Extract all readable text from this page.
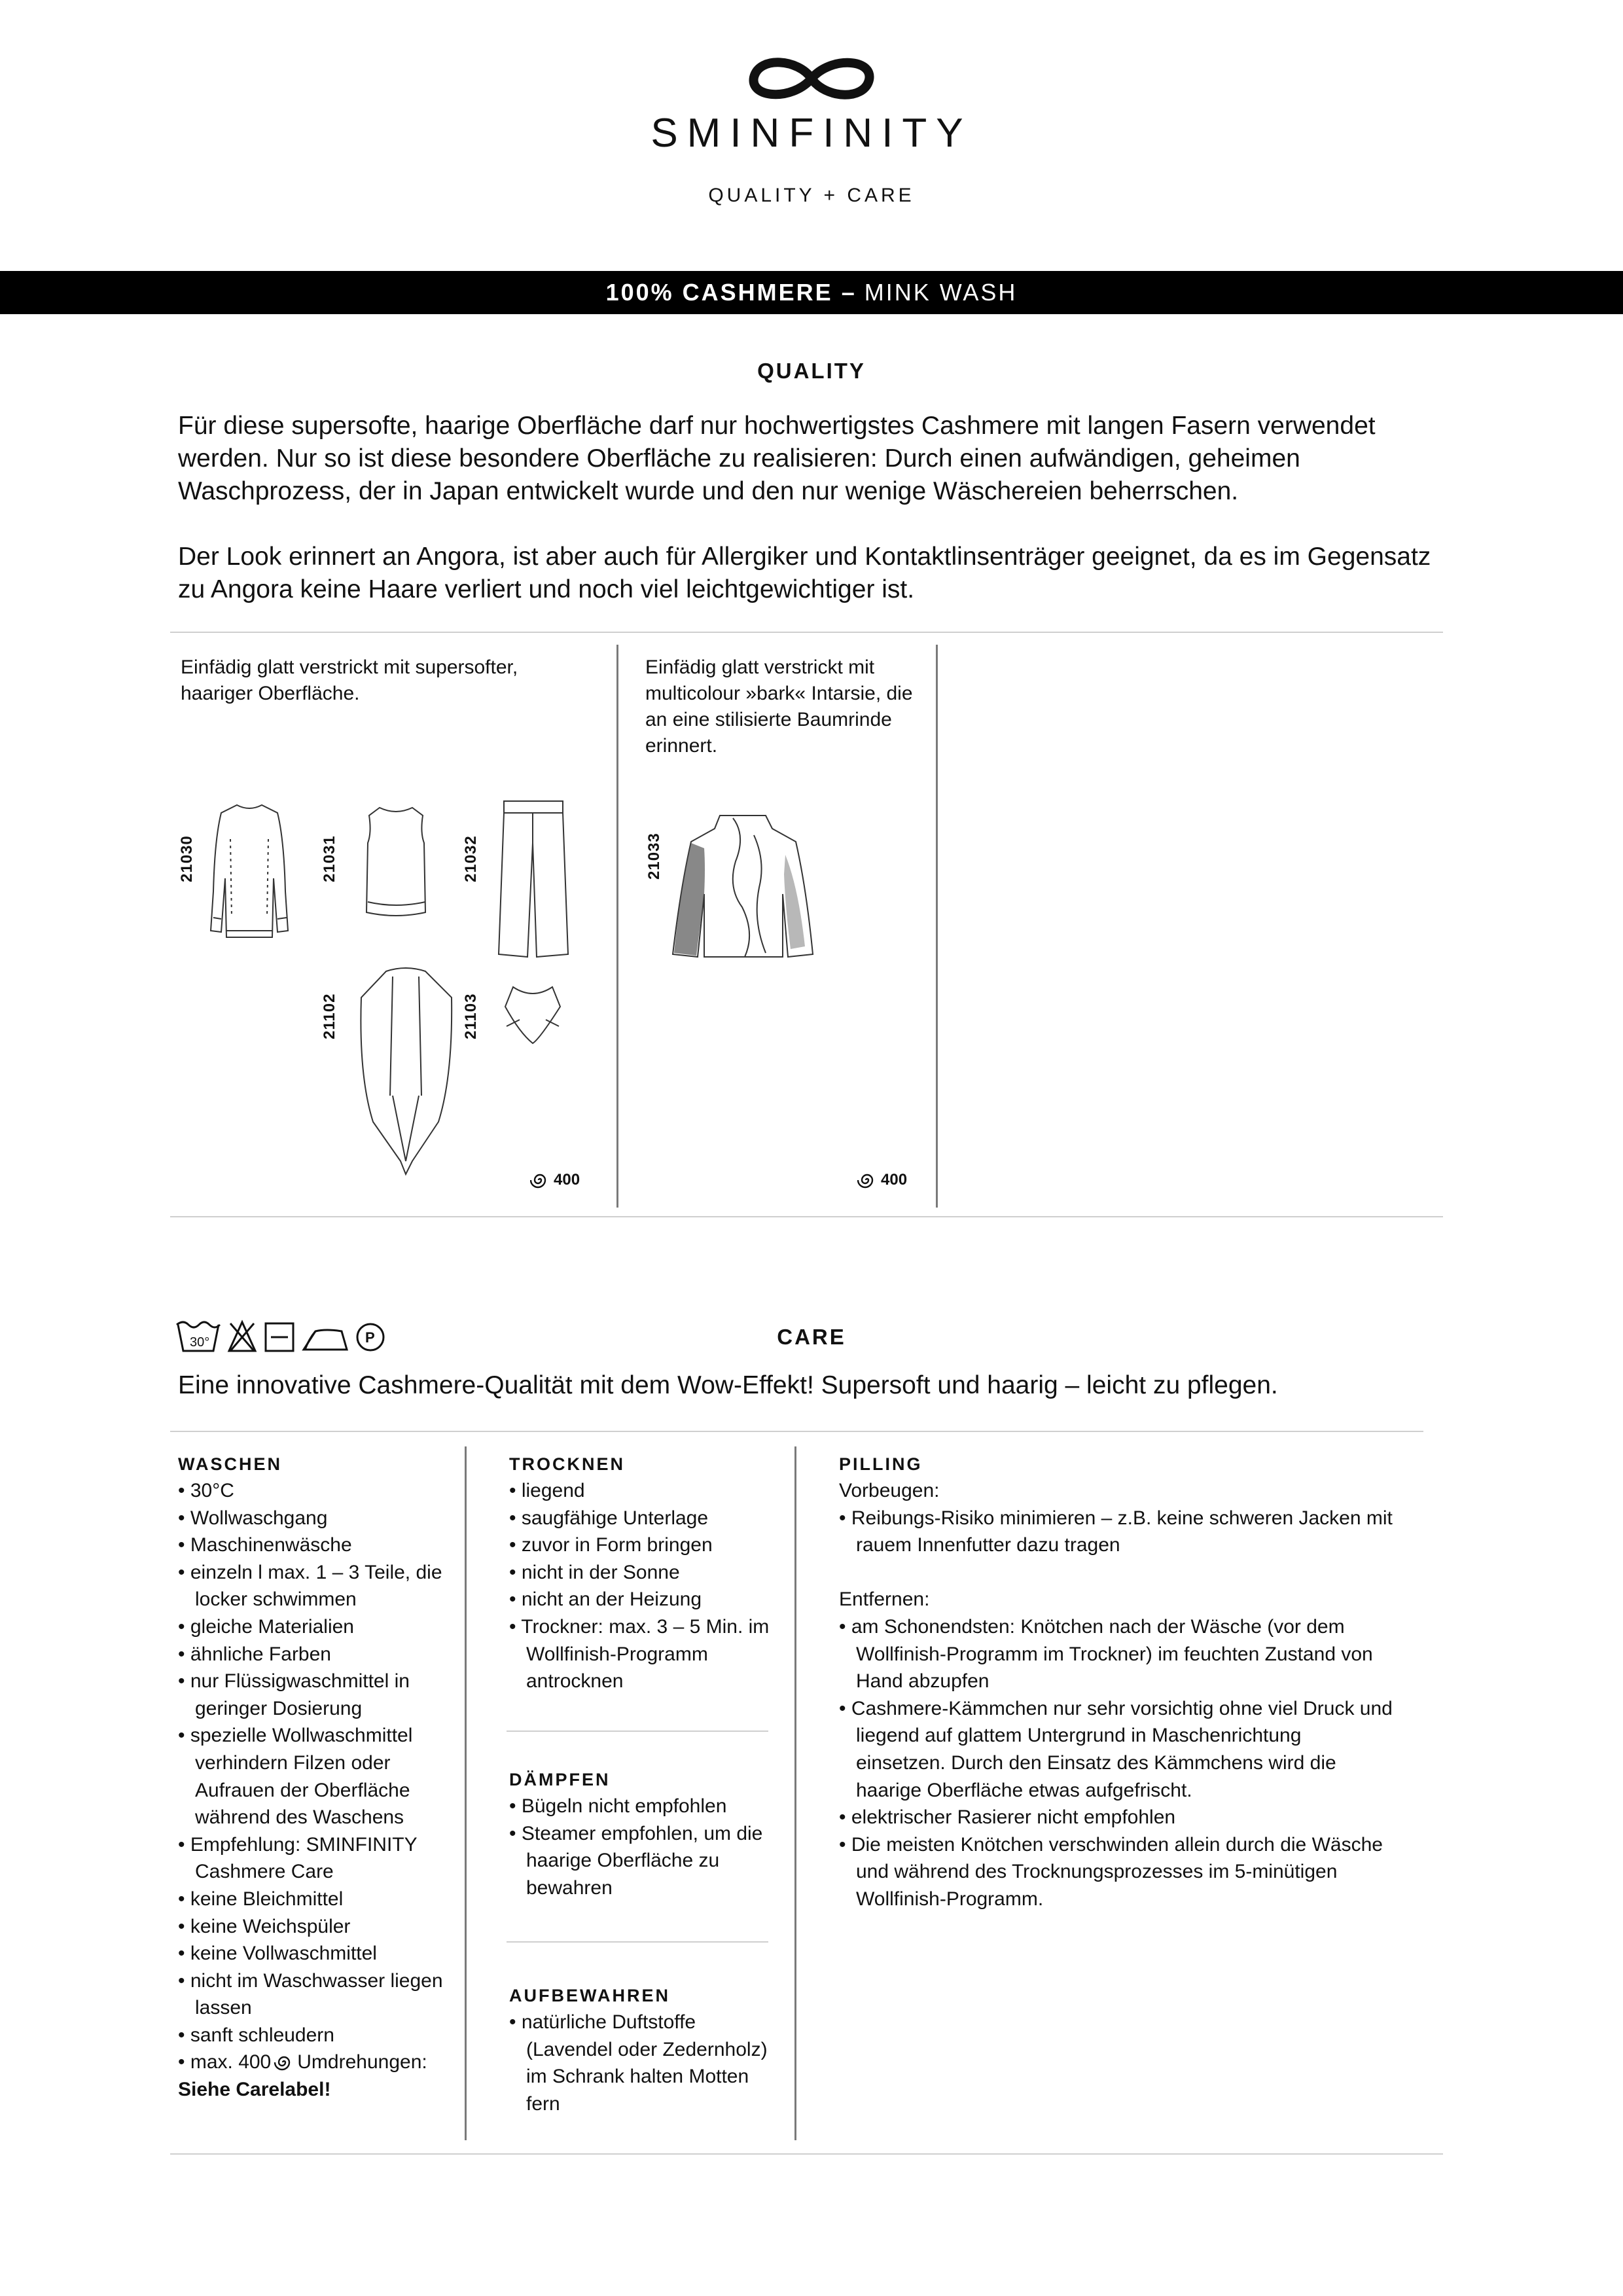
SMINFINITY
QUALITY + CARE
100% CASHMERE – MINK WASH
QUALITY

Für diese supersofte, haarige Oberfläche darf nur hochwertigstes Cashmere mit langen Fasern verwendet werden. Nur so ist diese besondere Oberfläche zu realisieren: Durch einen aufwändigen, geheimen Waschprozess, der in Japan entwickelt wurde und den nur wenige Wäschereien beherrschen.

Der Look erinnert an Angora, ist aber auch für Allergiker und Kontaktlinsenträger geeignet, da es im Gegensatz zu Angora keine Haare verliert und noch viel leichtgewichtiger ist.

Einfädig glatt verstrickt mit supersofter, haariger Oberfläche.
21030	21031	21032
21102	21103
400
Einfädig glatt verstrickt mit multicolour »bark« Intarsie, die an eine stilisierte Baumrinde erinnert.
21033
400
30°	P	CARE

Eine innovative Cashmere-Qualität mit dem Wow-Effekt! Supersoft und haarig – leicht zu pflegen.

WASCHEN
• 30°C
• Wollwaschgang
• Maschinenwäsche
• einzeln l max. 1 – 3 Teile, die locker schwimmen
• gleiche Materialien
• ähnliche Farben
• nur Flüssigwaschmittel in geringer Dosierung
• spezielle Wollwaschmittel verhindern Filzen oder Aufrauen der Oberfläche während des Waschens
• Empfehlung: SMINFINITY Cashmere Care
• keine Bleichmittel
• keine Weichspüler
• keine Vollwaschmittel
• nicht im Waschwasser liegen lassen
• sanft schleudern
• max. 400 Umdrehungen:
Siehe Carelabel!
TROCKNEN
• liegend
• saugfähige Unterlage
• zuvor in Form bringen
• nicht in der Sonne
• nicht an der Heizung
• Trockner: max. 3 – 5 Min. im Wollfinish-Programm antrocknen
DÄMPFEN
• Bügeln nicht empfohlen
• Steamer empfohlen, um die haarige Oberfläche zu bewahren
AUFBEWAHREN
• natürliche Duftstoffe (Lavendel oder Zedernholz) im Schrank halten Motten fern
PILLING
Vorbeugen:
• Reibungs-Risiko minimieren – z.B. keine schweren Jacken mit rauem Innenfutter dazu tragen
Entfernen:
• am Schonendsten: Knötchen nach der Wäsche (vor dem Wollfinish-Programm im Trockner) im feuchten Zustand von Hand abzupfen
• Cashmere-Kämmchen nur sehr vorsichtig ohne viel Druck und liegend auf glattem Untergrund in Maschenrichtung einsetzen. Durch den Einsatz des Kämmchens wird die haarige Oberfläche etwas aufgefrischt.
• elektrischer Rasierer nicht empfohlen
• Die meisten Knötchen verschwinden allein durch die Wäsche und während des Trocknungsprozesses im 5-minütigen Wollfinish-Programm.
